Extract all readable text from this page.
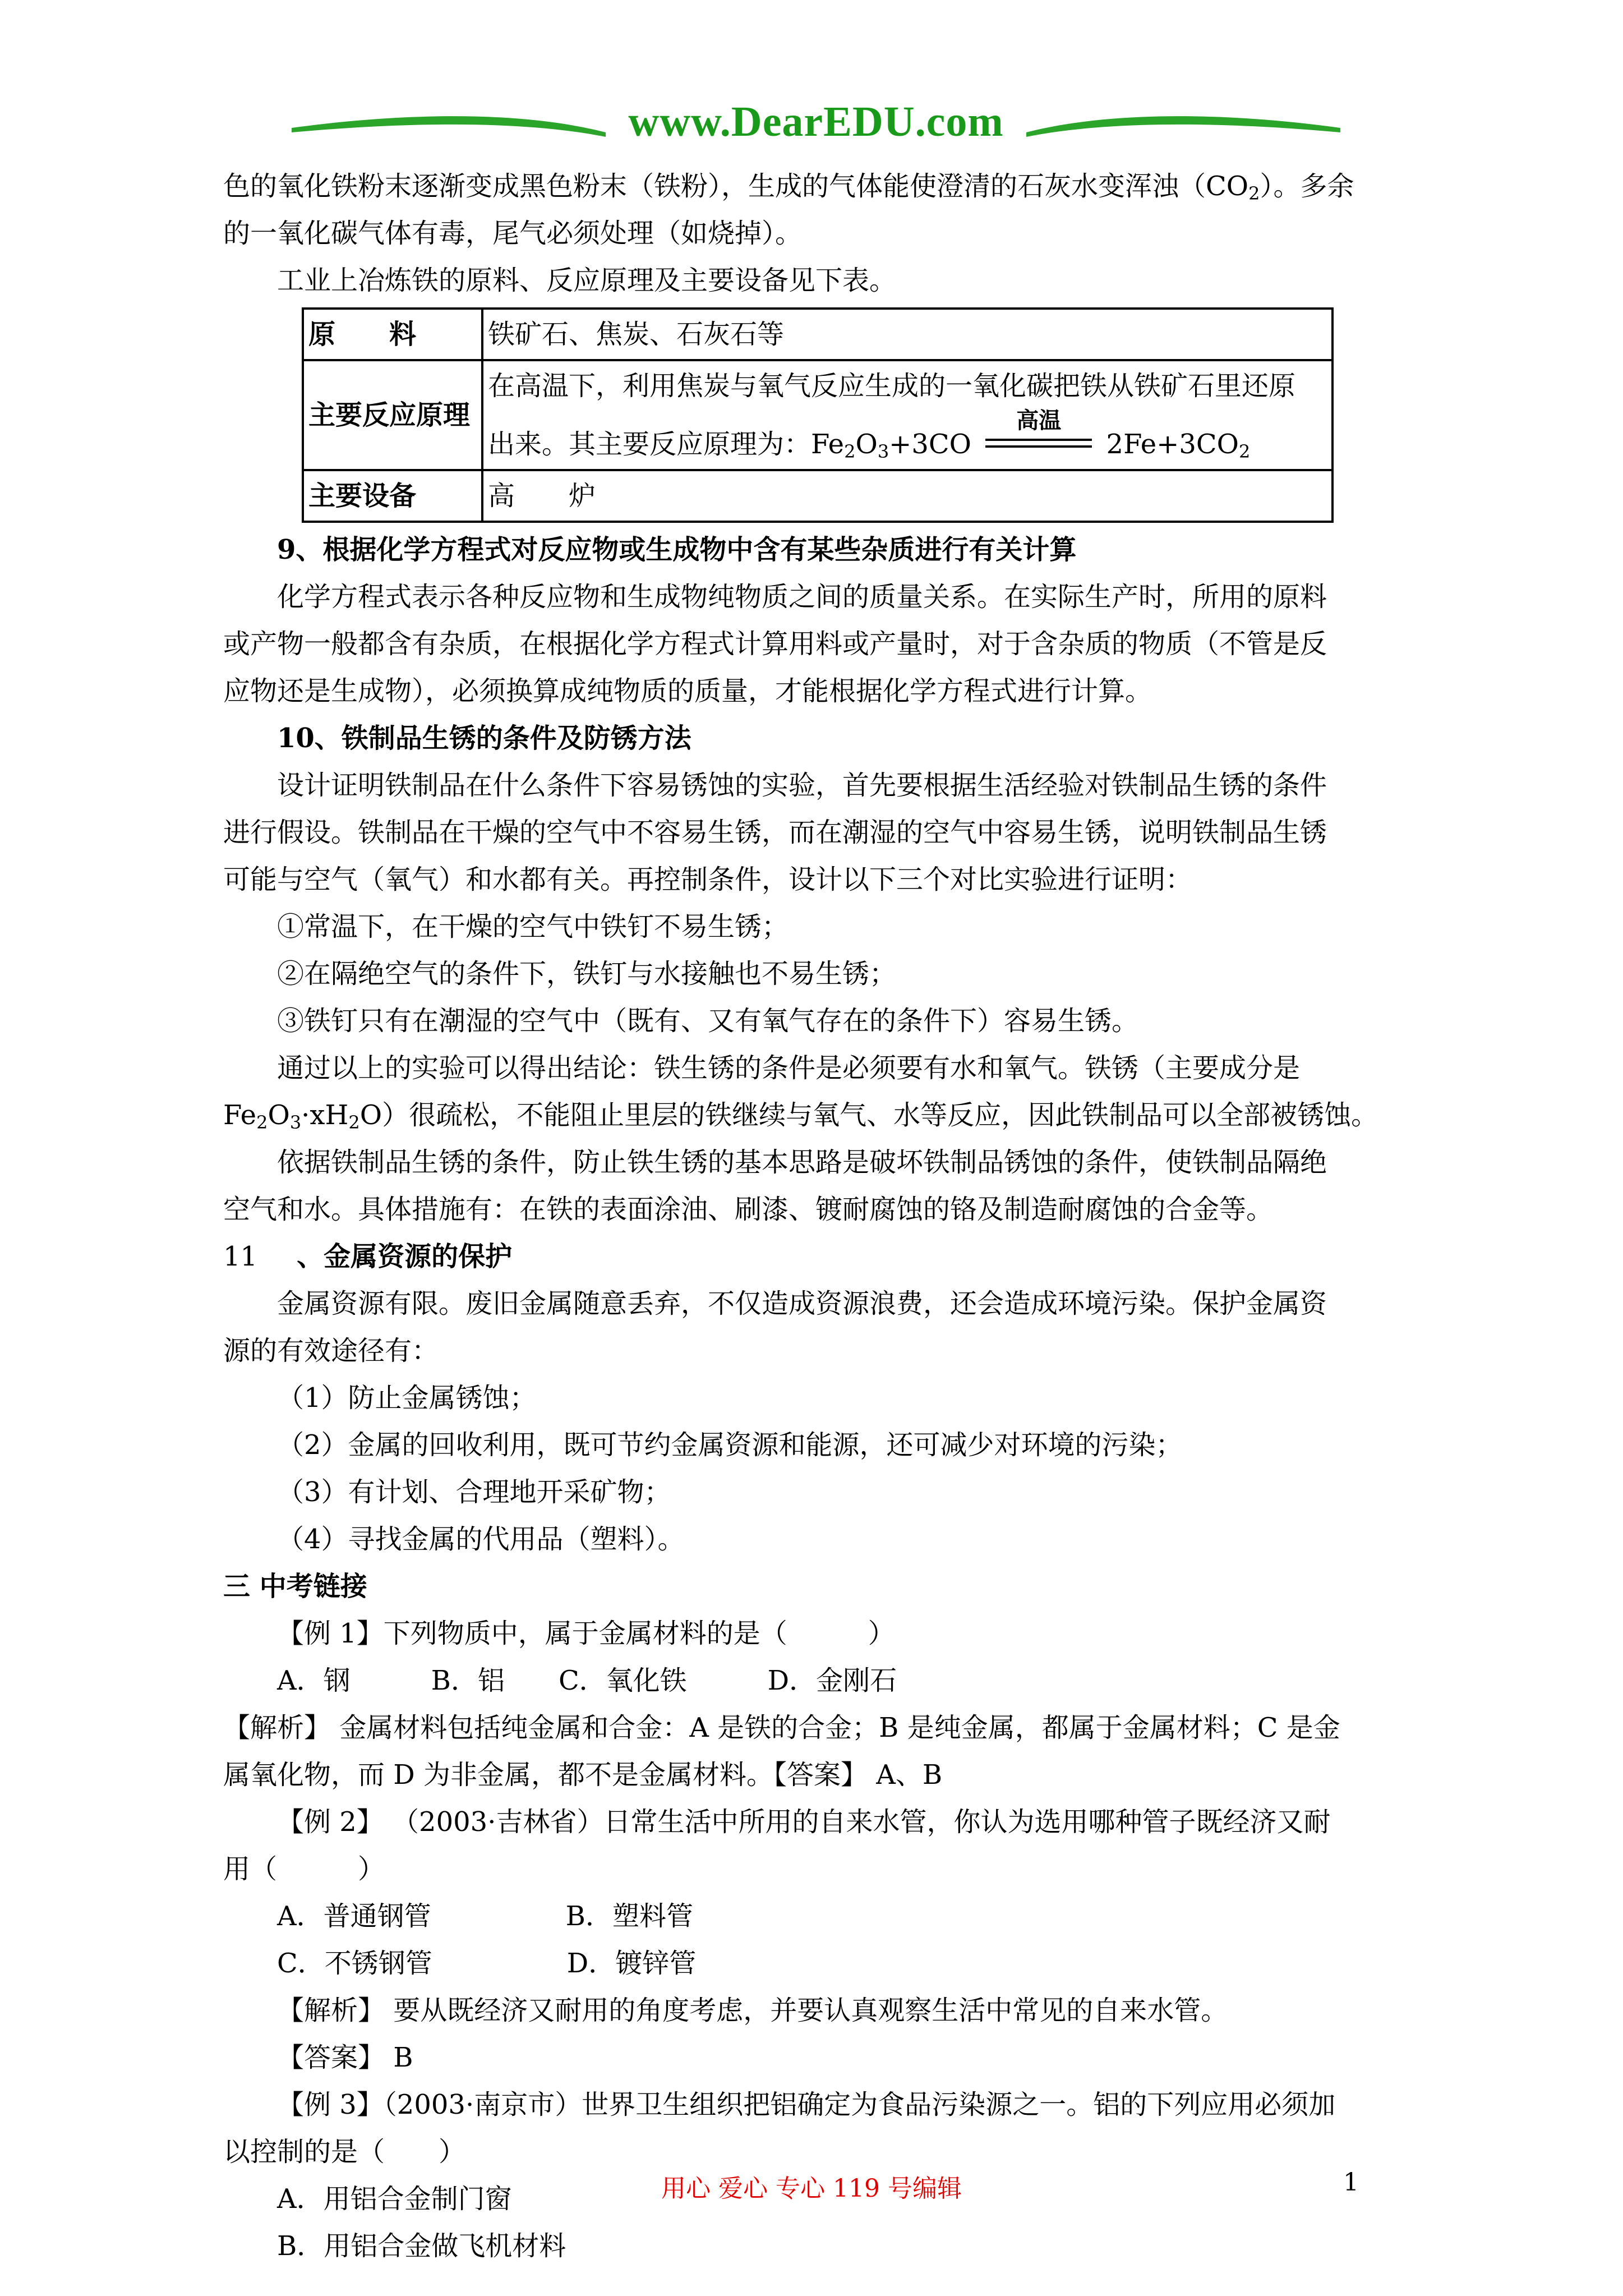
www.DearEDU.com

色的氧化铁粉末逐渐变成黑色粉末（铁粉），生成的气体能使澄清的石灰水变浑浊$(CO_2)$。多余

的一氧化碳气体有毒，尾气必须处理（如烧掉）。

工业上冶炼铁的原料、反应原理及主要设备见下表。

原　　料	铁矿石、焦炭、石灰石等
主要反应原理	在高温下，利用焦炭与氧气反应生成的一氧化碳把铁从铁矿石里还原
出来。其主要反应原理为：$Fe_2O_3+3CO$
高温
$2Fe+3CO_2$

主要设备	高　　炉

9、根据化学方程式对反应物或生成物中含有某些杂质进行有关计算

化学方程式表示各种反应物和生成物纯物质之间的质量关系。在实际生产时，所用的原料

或产物一般都含有杂质，在根据化学方程式计算用料或产量时，对于含杂质的物质（不管是反

应物还是生成物），必须换算成纯物质的质量，才能根据化学方程式进行计算。

10、铁制品生锈的条件及防锈方法

设计证明铁制品在什么条件下容易锈蚀的实验，首先要根据生活经验对铁制品生锈的条件

进行假设。铁制品在干燥的空气中不容易生锈，而在潮湿的空气中容易生锈，说明铁制品生锈

可能与空气（氧气）和水都有关。再控制条件，设计以下三个对比实验进行证明：

①常温下，在干燥的空气中铁钉不易生锈；

②在隔绝空气的条件下，铁钉与水接触也不易生锈；

③铁钉只有在潮湿的空气中（既有、又有氧气存在的条件下）容易生锈。

通过以上的实验可以得出结论：铁生锈的条件是必须要有水和氧气。铁锈（主要成分是

$Fe_2O_3\cdot xH_2O$）很疏松，不能阻止里层的铁继续与氧气、水等反应，因此铁制品可以全部被锈蚀。

依据铁制品生锈的条件，防止铁生锈的基本思路是破坏铁制品锈蚀的条件，使铁制品隔绝

空气和水。具体措施有：在铁的表面涂油、刷漆、镀耐腐蚀的铬及制造耐腐蚀的合金等。

11 、金属资源的保护

金属资源有限。废旧金属随意丢弃，不仅造成资源浪费，还会造成环境污染。保护金属资

源的有效途径有：

（1）防止金属锈蚀；

（2）金属的回收利用，既可节约金属资源和能源，还可减少对环境的污染；

（3）有计划、合理地开采矿物；

（4）寻找金属的代用品（塑料）。

三 中考链接

【例 1】下列物质中，属于金属材料的是（　　　）

A．钢　　　B．铝　　C．氧化铁　　　D．金刚石

【解析】 金属材料包括纯金属和合金：A 是铁的合金；B 是纯金属，都属于金属材料；C 是金

属氧化物，而 D 为非金属，都不是金属材料。【答案】 A、B

【例 2】 （2003·吉林省）日常生活中所用的自来水管，你认为选用哪种管子既经济又耐

用（　　　）

A．普通钢管　　　　　B．塑料管

C．不锈钢管　　　　　D．镀锌管

【解析】 要从既经济又耐用的角度考虑，并要认真观察生活中常见的自来水管。

【答案】 B

【例 3】（2003·南京市）世界卫生组织把铝确定为食品污染源之一。铝的下列应用必须加

以控制的是（　　）

A．用铝合金制门窗

B．用铝合金做飞机材料

用心 爱心 专心 119 号编辑	1
